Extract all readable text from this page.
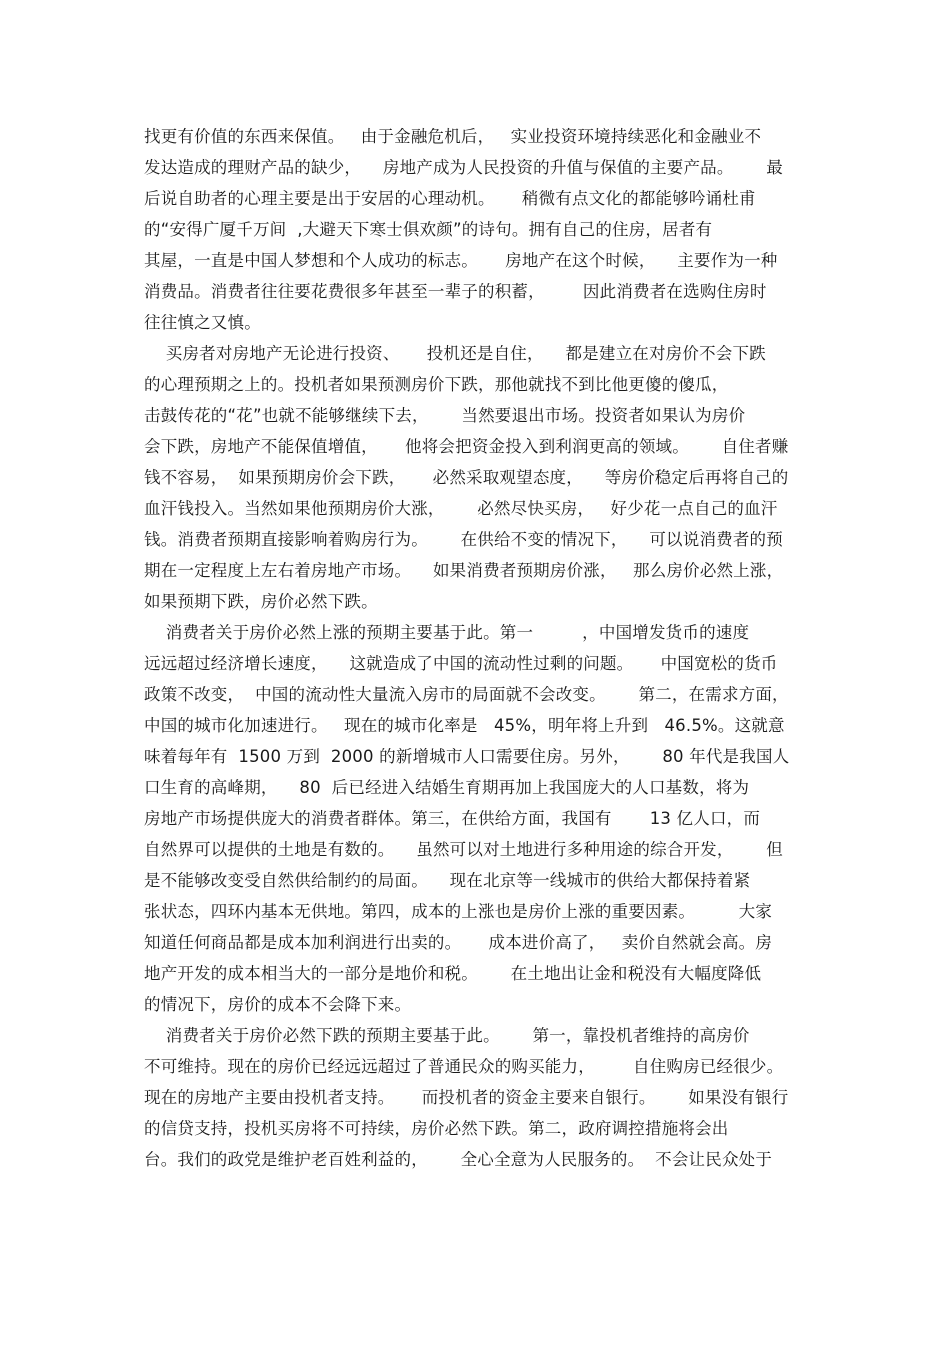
找更有价值的东西来保值。   由于金融危机后，   实业投资环境持续恶化和金融业不
发达造成的理财产品的缺少，    房地产成为人民投资的升值与保值的主要产品。      最
后说自助者的心理主要是出于安居的心理动机。     稍微有点文化的都能够吟诵杜甫
的“安得广厦千万间  ,大避天下寒士俱欢颜”的诗句。拥有自己的住房，居者有
其屋，一直是中国人梦想和个人成功的标志。     房地产在这个时候，    主要作为一种
消费品。消费者往往要花费很多年甚至一辈子的积蓄，       因此消费者在选购住房时
往往慎之又慎。
买房者对房地产无论进行投资、     投机还是自住，    都是建立在对房价不会下跌
的心理预期之上的。投机者如果预测房价下跌，那他就找不到比他更傻的傻瓜，
击鼓传花的“花”也就不能够继续下去，      当然要退出市场。投资者如果认为房价
会下跌，房地产不能保值增值，     他将会把资金投入到利润更高的领域。      自住者赚
钱不容易，  如果预期房价会下跌，     必然采取观望态度，    等房价稳定后再将自己的
血汗钱投入。当然如果他预期房价大涨，      必然尽快买房，   好少花一点自己的血汗
钱。消费者预期直接影响着购房行为。      在供给不变的情况下，    可以说消费者的预
期在一定程度上左右着房地产市场。    如果消费者预期房价涨，   那么房价必然上涨，
如果预期下跌，房价必然下跌。
消费者关于房价必然上涨的预期主要基于此。第一         ，中国增发货币的速度
远远超过经济增长速度，    这就造成了中国的流动性过剩的问题。     中国宽松的货币
政策不改变，  中国的流动性大量流入房市的局面就不会改变。      第二，在需求方面，
中国的城市化加速进行。   现在的城市化率是   45%，明年将上升到   46.5%。这就意
味着每年有  1500 万到  2000 的新增城市人口需要住房。另外，      80 年代是我国人
口生育的高峰期，    80  后已经进入结婚生育期再加上我国庞大的人口基数，将为
房地产市场提供庞大的消费者群体。第三，在供给方面，我国有       13 亿人口，而
自然界可以提供的土地是有数的。    虽然可以对土地进行多种用途的综合开发，      但
是不能够改变受自然供给制约的局面。    现在北京等一线城市的供给大都保持着紧
张状态，四环内基本无供地。第四，成本的上涨也是房价上涨的重要因素。        大家
知道任何商品都是成本加利润进行出卖的。     成本进价高了，   卖价自然就会高。房
地产开发的成本相当大的一部分是地价和税。      在土地出让金和税没有大幅度降低
的情况下，房价的成本不会降下来。
消费者关于房价必然下跌的预期主要基于此。      第一，靠投机者维持的高房价
不可维持。现在的房价已经远远超过了普通民众的购买能力，       自住购房已经很少。
现在的房地产主要由投机者支持。     而投机者的资金主要来自银行。      如果没有银行
的信贷支持，投机买房将不可持续，房价必然下跌。第二，政府调控措施将会出
台。我们的政党是维护老百姓利益的，      全心全意为人民服务的。  不会让民众处于
